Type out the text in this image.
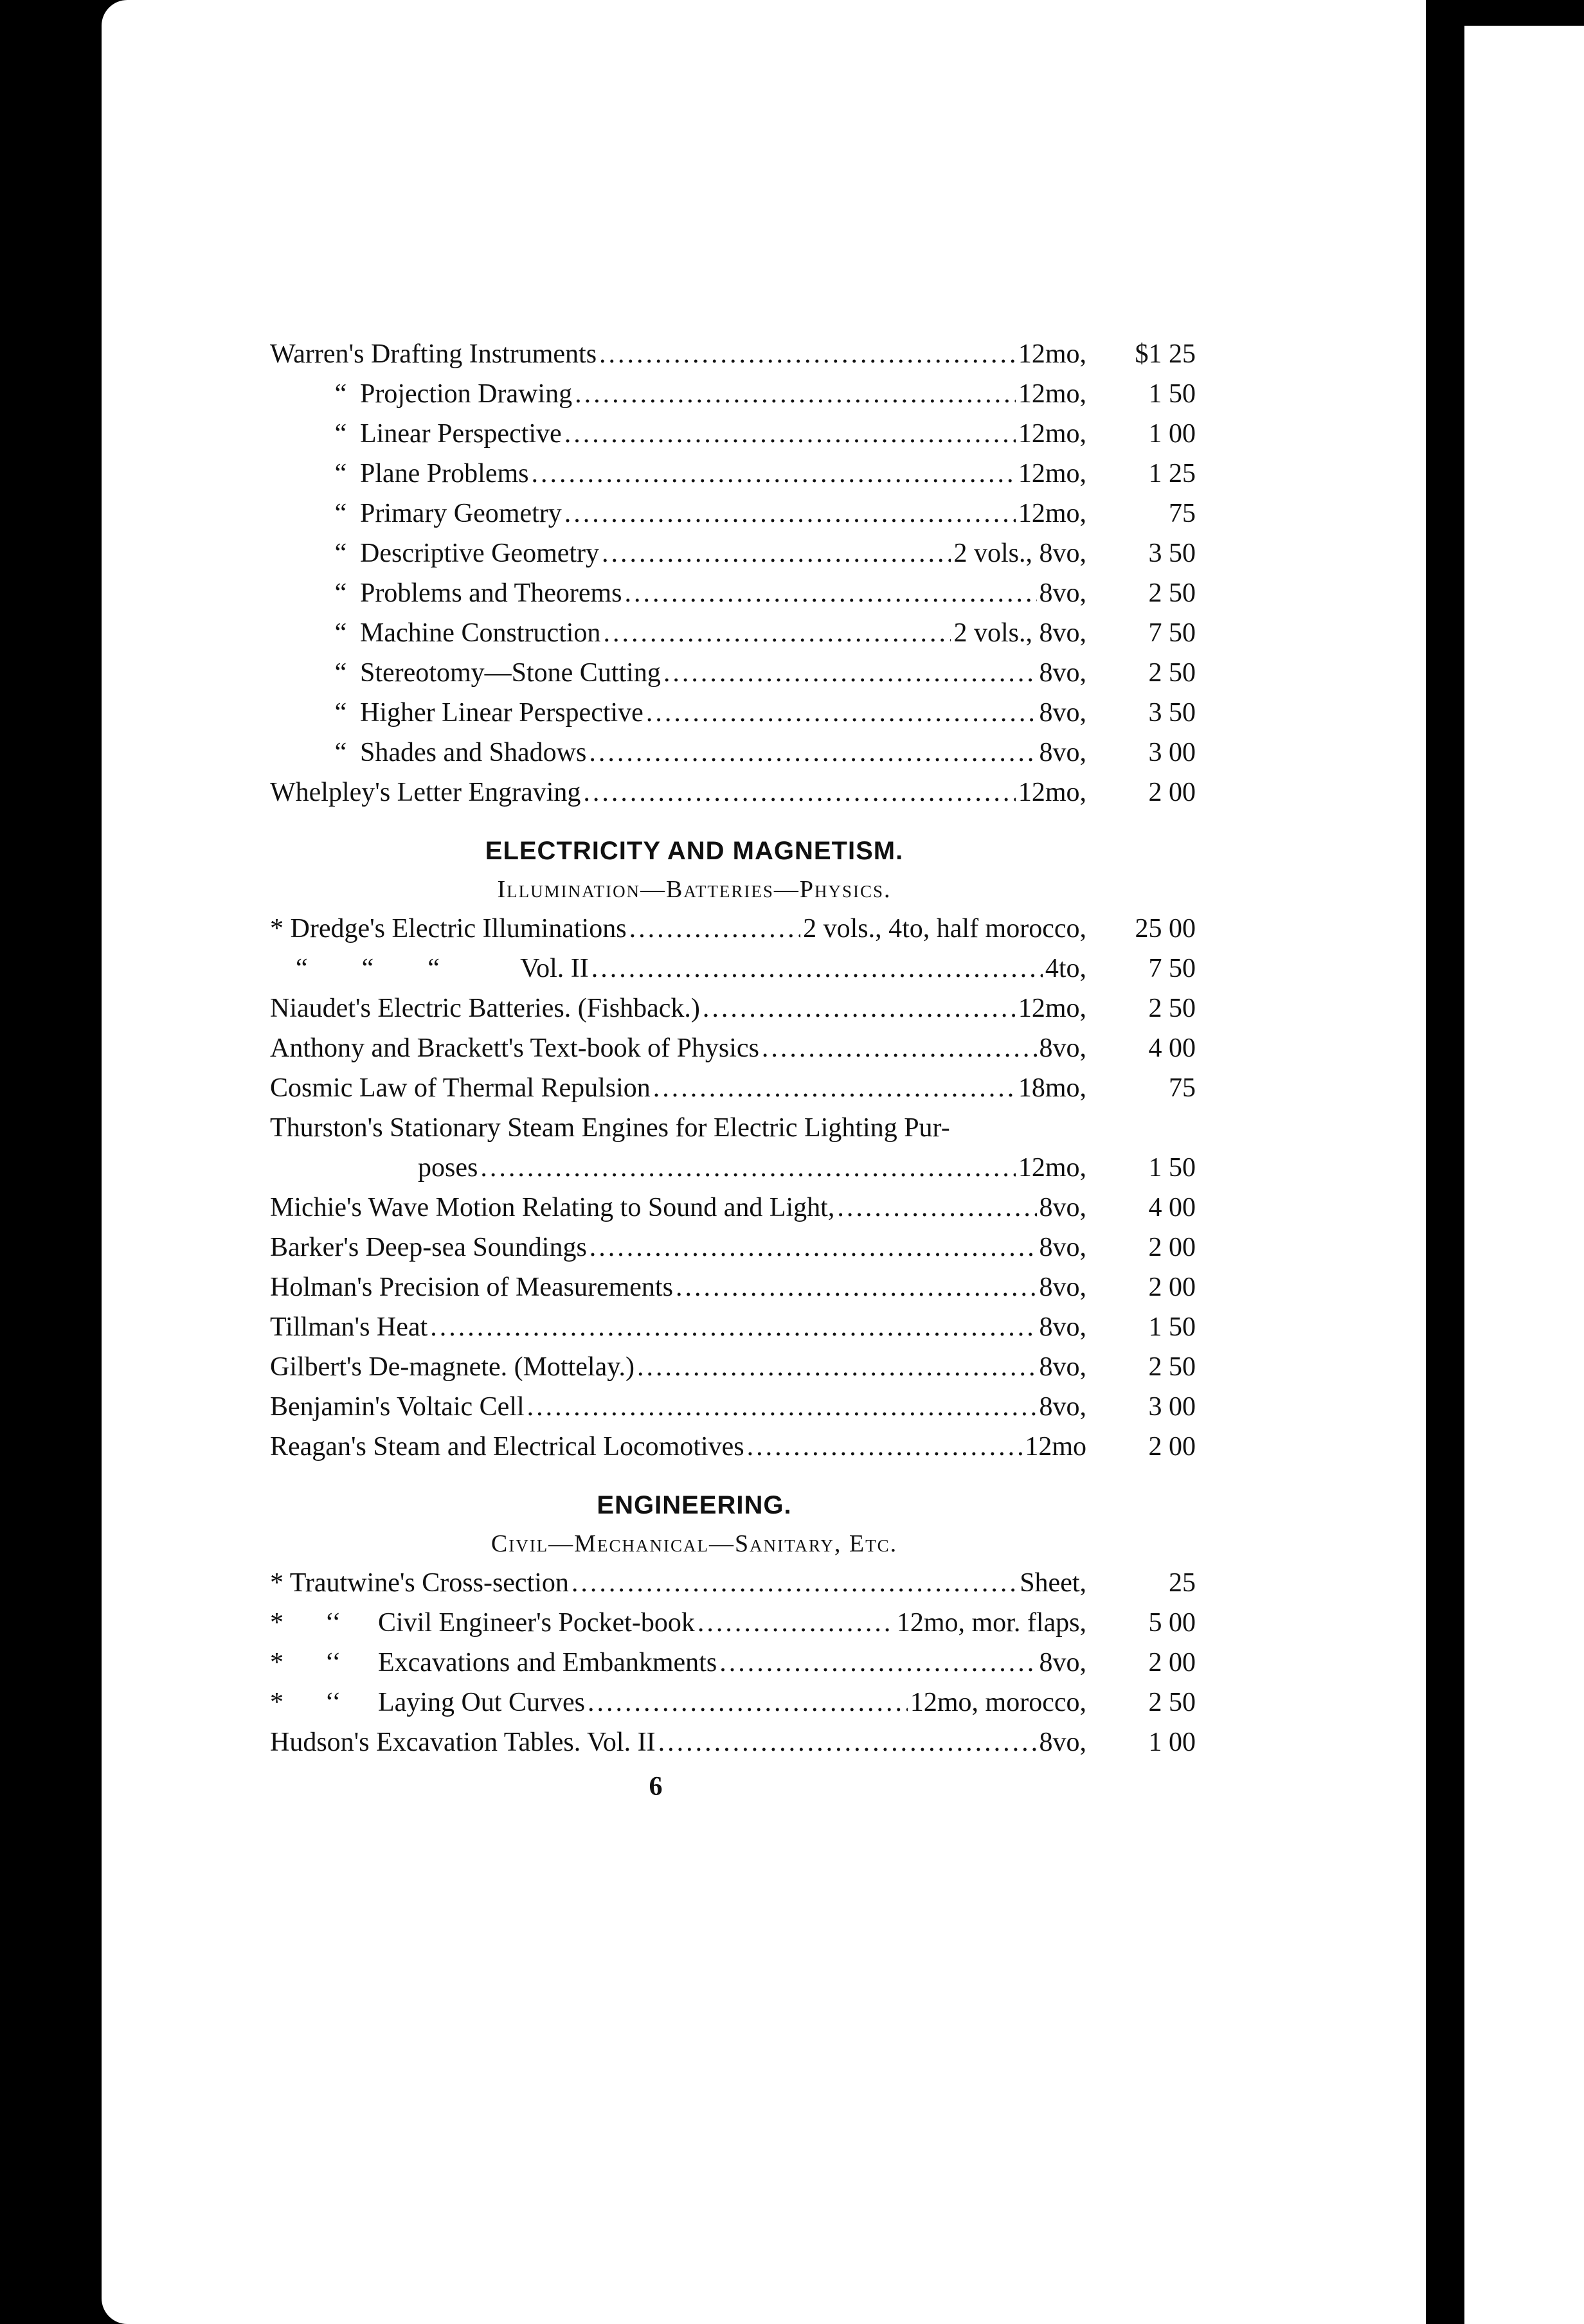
Warren's Drafting Instruments .....	12mo,	$1 25
“ Projection Drawing .....	12mo,	1 50
“ Linear Perspective .....	12mo,	1 00
“ Plane Problems .....	12mo,	1 25
“ Primary Geometry .....	12mo,	75
“ Descriptive Geometry .....	2 vols., 8vo,	3 50
“ Problems and Theorems .....	8vo,	2 50
“ Machine Construction .....	2 vols., 8vo,	7 50
“ Stereotomy—Stone Cutting .....	8vo,	2 50
“ Higher Linear Perspective .....	8vo,	3 50
“ Shades and Shadows .....	8vo,	3 00
Whelpley's Letter Engraving .....	12mo,	2 00
ELECTRICITY AND MAGNETISM.
Illumination—Batteries—Physics.
* Dredge's Electric Illuminations .....	2 vols., 4to, half morocco,	25 00
“        “        “            Vol. II .....	4to,	7 50
Niaudet's Electric Batteries. (Fishback.) .....	12mo,	2 50
Anthony and Brackett's Text-book of Physics .....	8vo,	4 00
Cosmic Law of Thermal Repulsion .....	18mo,	75
Thurston's Stationary Steam Engines for Electric Lighting Pur-
poses .....	12mo,	1 50
Michie's Wave Motion Relating to Sound and Light, .....	8vo,	4 00
Barker's Deep-sea Soundings .....	8vo,	2 00
Holman's Precision of Measurements .....	8vo,	2 00
Tillman's Heat .....	8vo,	1 50
Gilbert's De-magnete. (Mottelay.) .....	8vo,	2 50
Benjamin's Voltaic Cell .....	8vo,	3 00
Reagan's Steam and Electrical Locomotives .....	12mo	2 00
ENGINEERING.
Civil—Mechanical—Sanitary, Etc.
* Trautwine's Cross-section .....	Sheet,	25
*	‘‘	Civil Engineer's Pocket-book .....	12mo, mor. flaps,	5 00
*	‘‘	Excavations and Embankments .....	8vo,	2 00
*	‘‘	Laying Out Curves .....	12mo, morocco,	2 50
Hudson's Excavation Tables. Vol. II .....	8vo,	1 00
6
